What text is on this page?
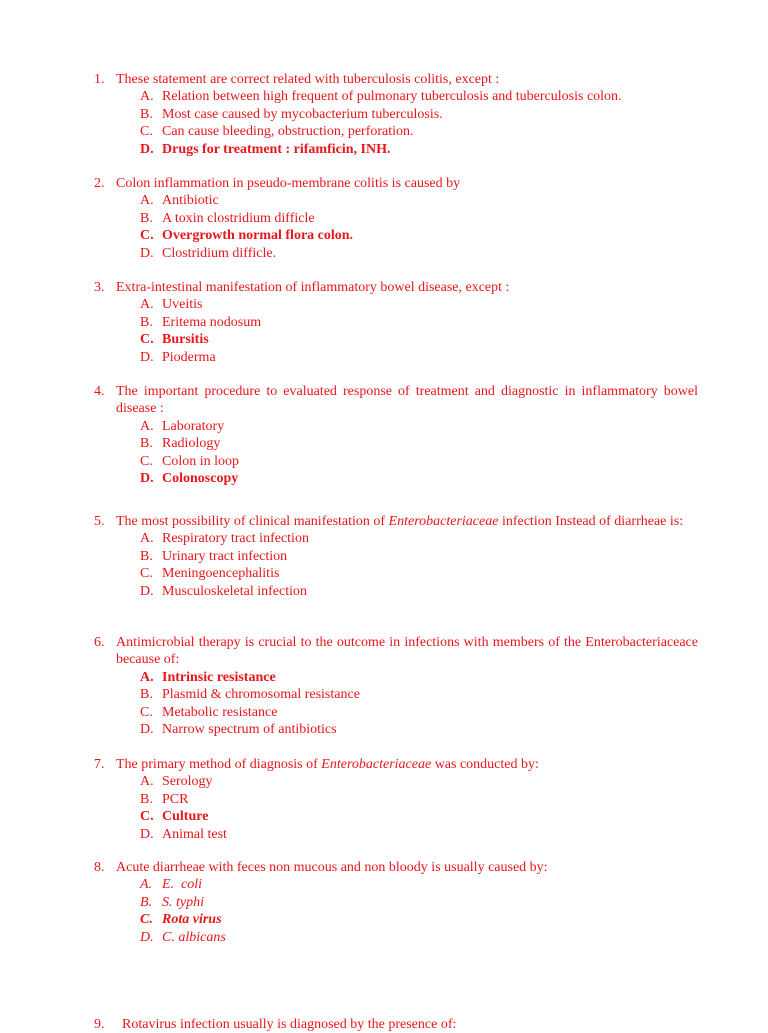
1. These statement are correct related with tuberculosis colitis, except :
A. Relation between high frequent of pulmonary tuberculosis and tuberculosis colon.
B. Most case caused by mycobacterium tuberculosis.
C. Can cause bleeding, obstruction, perforation.
D. Drugs for treatment : rifamficin, INH.
2. Colon inflammation in pseudo-membrane colitis is caused by
A. Antibiotic
B. A toxin clostridium difficle
C. Overgrowth normal flora colon.
D. Clostridium difficle.
3. Extra-intestinal manifestation of inflammatory bowel disease, except :
A. Uveitis
B. Eritema nodosum
C. Bursitis
D. Pioderma
4. The important procedure to evaluated response of treatment and diagnostic in inflammatory bowel disease :
A. Laboratory
B. Radiology
C. Colon in loop
D. Colonoscopy
5. The most possibility of clinical manifestation of Enterobacteriaceae infection Instead of diarrheae is:
A. Respiratory tract infection
B. Urinary tract infection
C. Meningoencephalitis
D. Musculoskeletal infection
6. Antimicrobial therapy is crucial to the outcome in infections with members of the Enterobacteriaceace because of:
A. Intrinsic resistance
B. Plasmid & chromosomal resistance
C. Metabolic resistance
D. Narrow spectrum of antibiotics
7. The primary method of diagnosis of Enterobacteriaceae was conducted by:
A. Serology
B. PCR
C. Culture
D. Animal test
8. Acute diarrheae with feces non mucous and non bloody is usually caused by:
A. E.  coli
B. S. typhi
C. Rota virus
D. C. albicans
9. Rotavirus infection usually is diagnosed by the presence of:
